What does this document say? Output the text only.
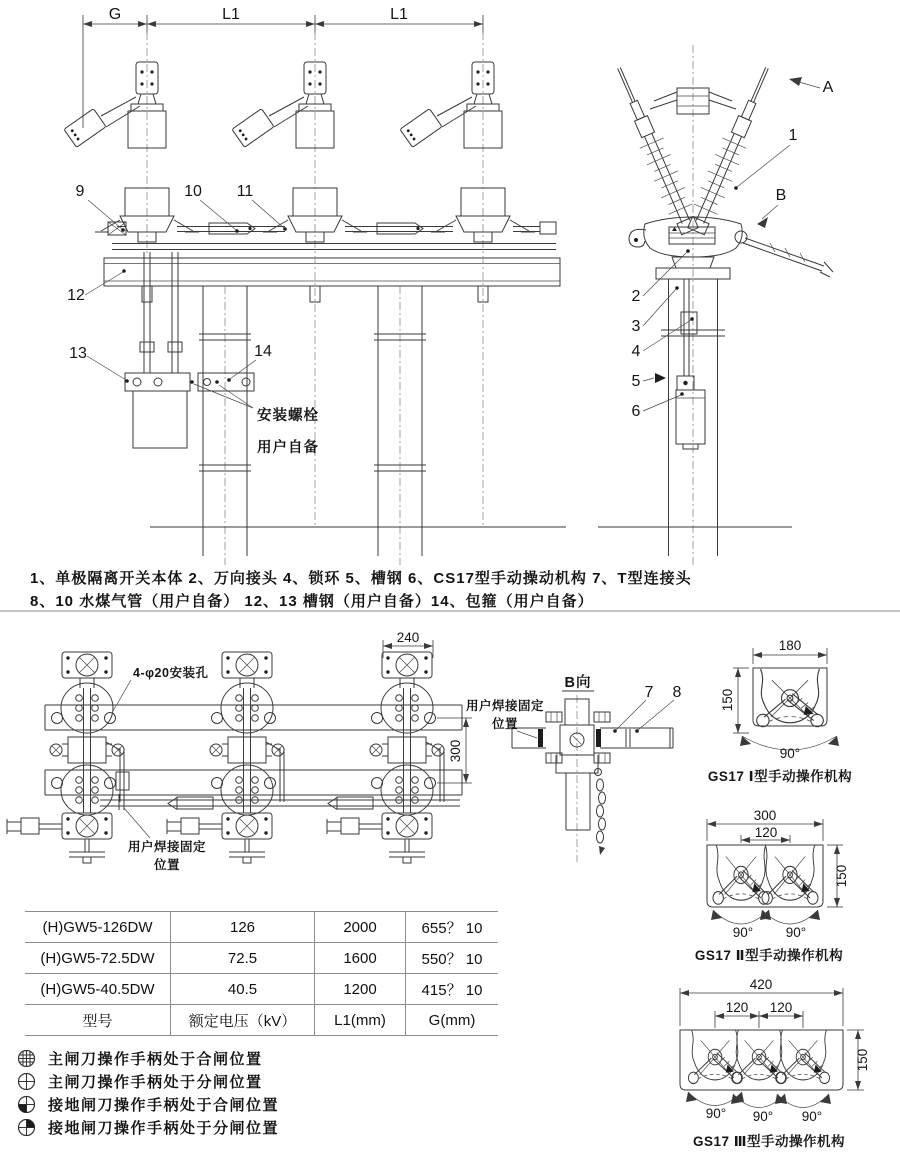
G	L1	L1
9	10 11
12
13	14
安装螺栓
用户自备
A
1
B
2
3
4
5
6
1、单极隔离开关本体 2、万向接头 4、锁环 5、槽钢 6、CS17型手动操动机构 7、T型连接头
8、10 水煤气管（用户自备） 12、13 槽钢（用户自备）14、包箍（用户自备）
4-φ20安装孔
240
300
用户焊接固定
位置
B向
7 8
用户焊接固定
位置
180
150
90°
GS17 Ⅰ型手动操作机构
300
120
150
90° 90°
GS17 Ⅱ型手动操作机构
420
120 120
150
90° 90° 90°
GS17 Ⅲ型手动操作机构
(H)GW5-126DW	126	2000	655？ 10
(H)GW5-72.5DW	72.5	1600	550？ 10
(H)GW5-40.5DW	40.5	1200	415？ 10
型号	额定电压（kV）	L1(mm)	G(mm)
主闸刀操作手柄处于合闸位置
主闸刀操作手柄处于分闸位置
接地闸刀操作手柄处于合闸位置
接地闸刀操作手柄处于分闸位置
